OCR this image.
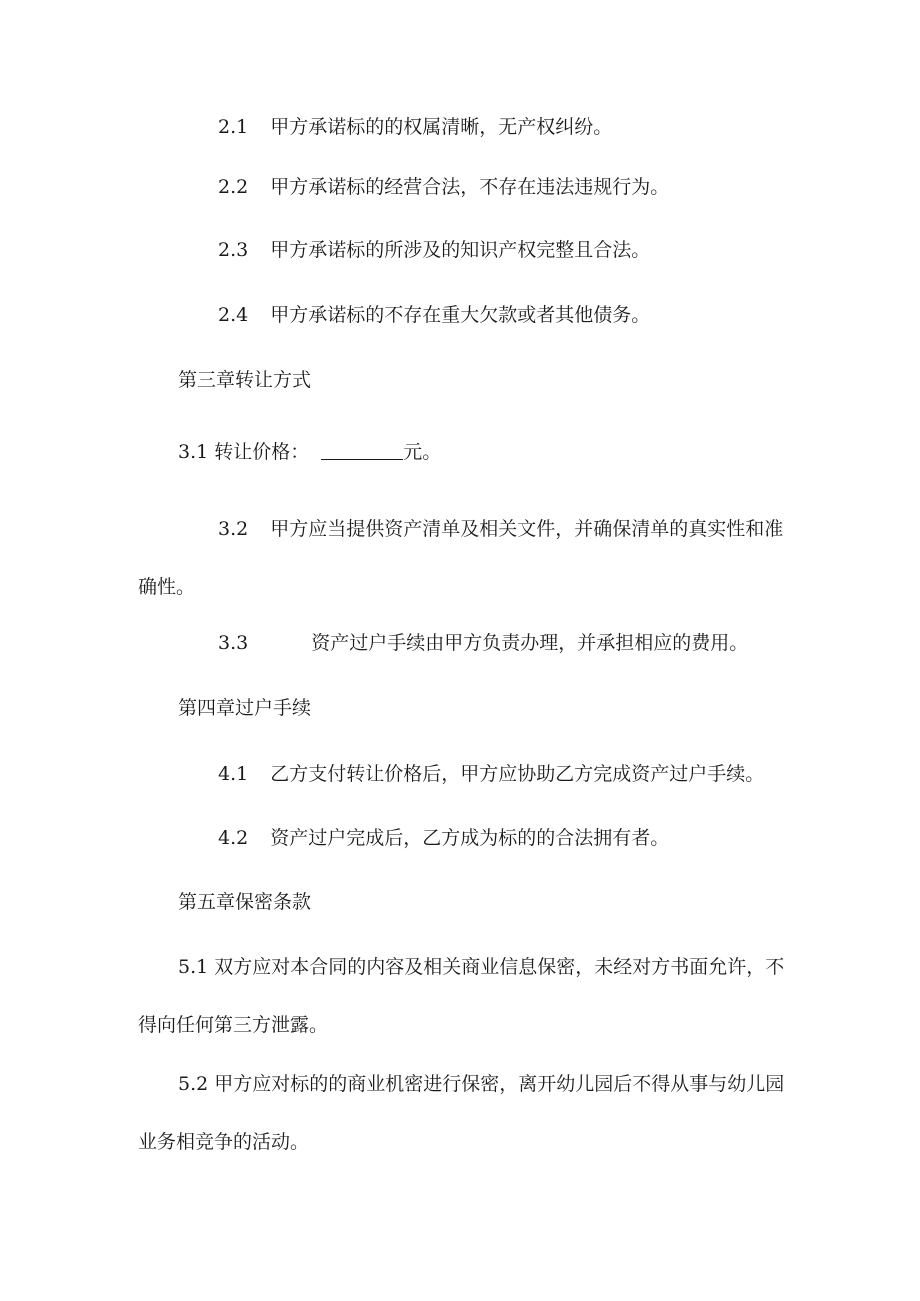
2.1 甲方承诺标的的权属清晰，无产权纠纷。
2.2 甲方承诺标的经营合法，不存在违法违规行为。
2.3 甲方承诺标的所涉及的知识产权完整且合法。
2.4 甲方承诺标的不存在重大欠款或者其他债务。
第三章转让方式
3.1 转让价格：	元。
3.2 甲方应当提供资产清单及相关文件，并确保清单的真实性和准确性。
3.3	资产过户手续由甲方负责办理，并承担相应的费用。
第四章过户手续
4.1 乙方支付转让价格后，甲方应协助乙方完成资产过户手续。
4.2 资产过户完成后，乙方成为标的的合法拥有者。
第五章保密条款
5.1 双方应对本合同的内容及相关商业信息保密，未经对方书面允许，不得向任何第三方泄露。
5.2 甲方应对标的的商业机密进行保密，离开幼儿园后不得从事与幼儿园业务相竞争的活动。
